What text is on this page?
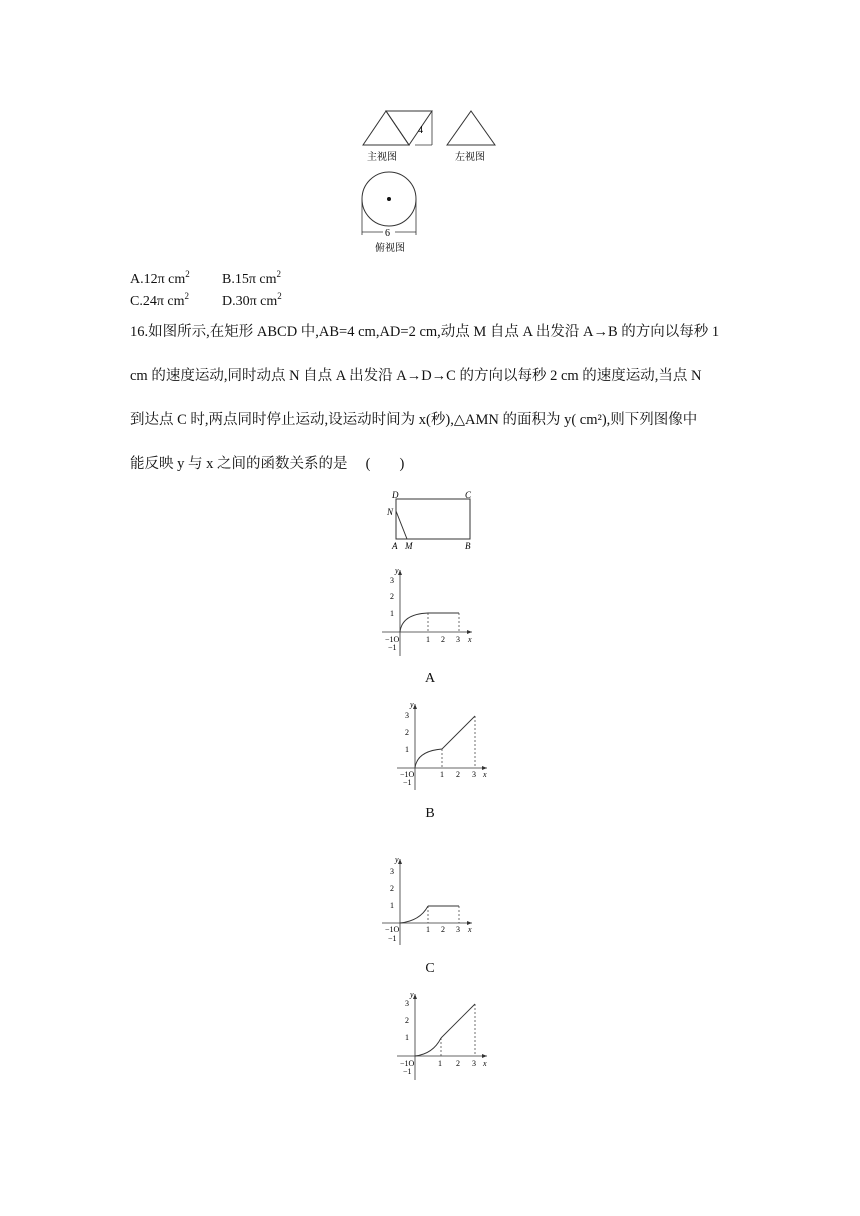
4
主视图	左视图
6
俯视图
A.12π $cm^2$ B.15π $cm^2$
C.24π $cm^2$ D.30π $cm^2$
16.如图所示,在矩形 ABCD 中,AB=4 cm,AD=2 cm,动点 M 自点 A 出发沿 A→B 的方向以每秒 1
cm 的速度运动,同时动点 N 自点 A 出发沿 A→D→C 的方向以每秒 2 cm 的速度运动,当点 N
到达点 C 时,两点同时停止运动,设运动时间为 x(秒),△AMN 的面积为 y( cm²),则下列图像中
能反映 y 与 x 之间的函数关系的是 　(　　)
D	C
N
A M	B
y
x
3
2
1
−1O
−1
1 2 3
A
y
x
3
2
1
−1O
−1
1 2 3
B
y
x
3
2
1
−1O
−1
1 2 3
C
y
x
3
2
1
−1O
−1
1 2 3
